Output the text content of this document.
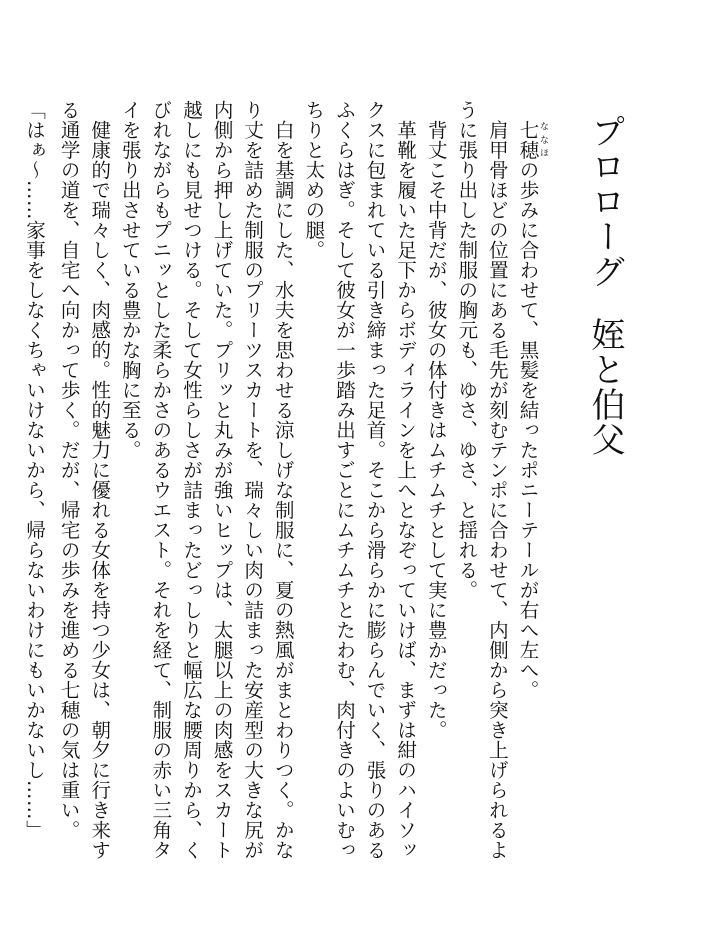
プロローグ姪と伯父

七穂ななほの歩みに合わせて、黒髪を結ったポニーテールが右へ左へ。

肩甲骨ほどの位置にある毛先が刻むテンポに合わせて、内側から突き上げられるように張り出した制服の胸元も、ゆさ、ゆさ、と揺れる。

背丈こそ中背だが、彼女の体付きはムチムチとして実に豊かだった。

革靴を履いた足下からボディラインを上へとなぞっていけば、まずは紺のハイソックスに包まれている引き締まった足首。そこから滑らかに膨らんでいく、張りのあるふくらはぎ。そして彼女が一歩踏み出すごとにムチムチとたわむ、肉付きのよいむっちりと太めの腿。

白を基調にした、水夫を思わせる涼しげな制服に、夏の熱風がまとわりつく。かなり丈を詰めた制服のプリーツスカートを、瑞々しい肉の詰まった安産型の大きな尻が内側から押し上げていた。プリッと丸みが強いヒップは、太腿以上の肉感をスカート越しにも見せつける。そして女性らしさが詰まったどっしりと幅広な腰周りから、くびれながらもプニッとした柔らかさのあるウエスト。それを経て、制服の赤い三角タイを張り出させている豊かな胸に至る。

健康的で瑞々しく、肉感的。性的魅力に優れる女体を持つ少女は、朝夕に行き来する通学の道を、自宅へ向かって歩く。だが、帰宅の歩みを進める七穂の気は重い。

「はぁ～……家事をしなくちゃいけないから、帰らないわけにもいかないし……」
